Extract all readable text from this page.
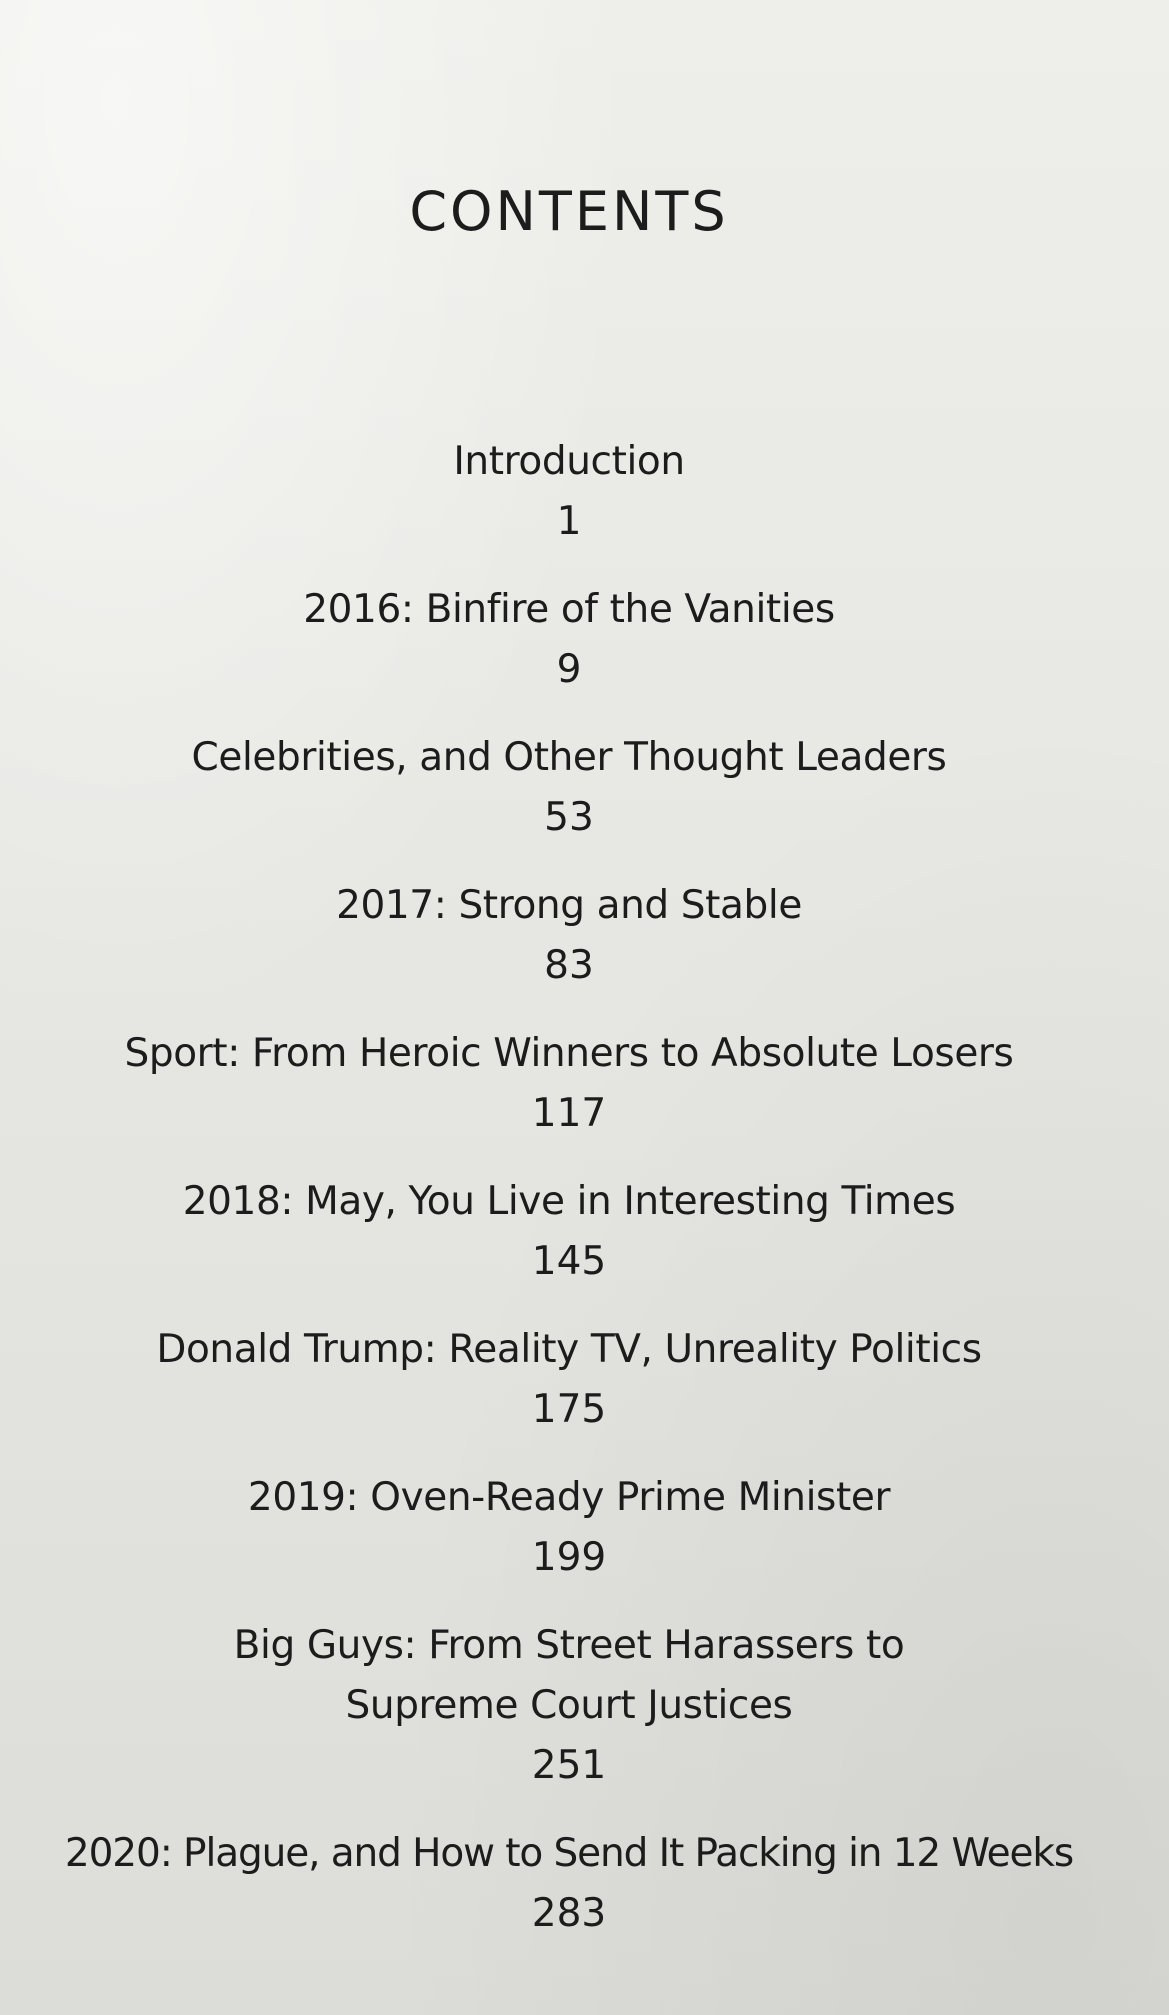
CONTENTS
Introduction
1
2016: Binfire of the Vanities
9
Celebrities, and Other Thought Leaders
53
2017: Strong and Stable
83
Sport: From Heroic Winners to Absolute Losers
117
2018: May, You Live in Interesting Times
145
Donald Trump: Reality TV, Unreality Politics
175
2019: Oven-Ready Prime Minister
199
Big Guys: From Street Harassers to
Supreme Court Justices
251
2020: Plague, and How to Send It Packing in 12 Weeks
283
